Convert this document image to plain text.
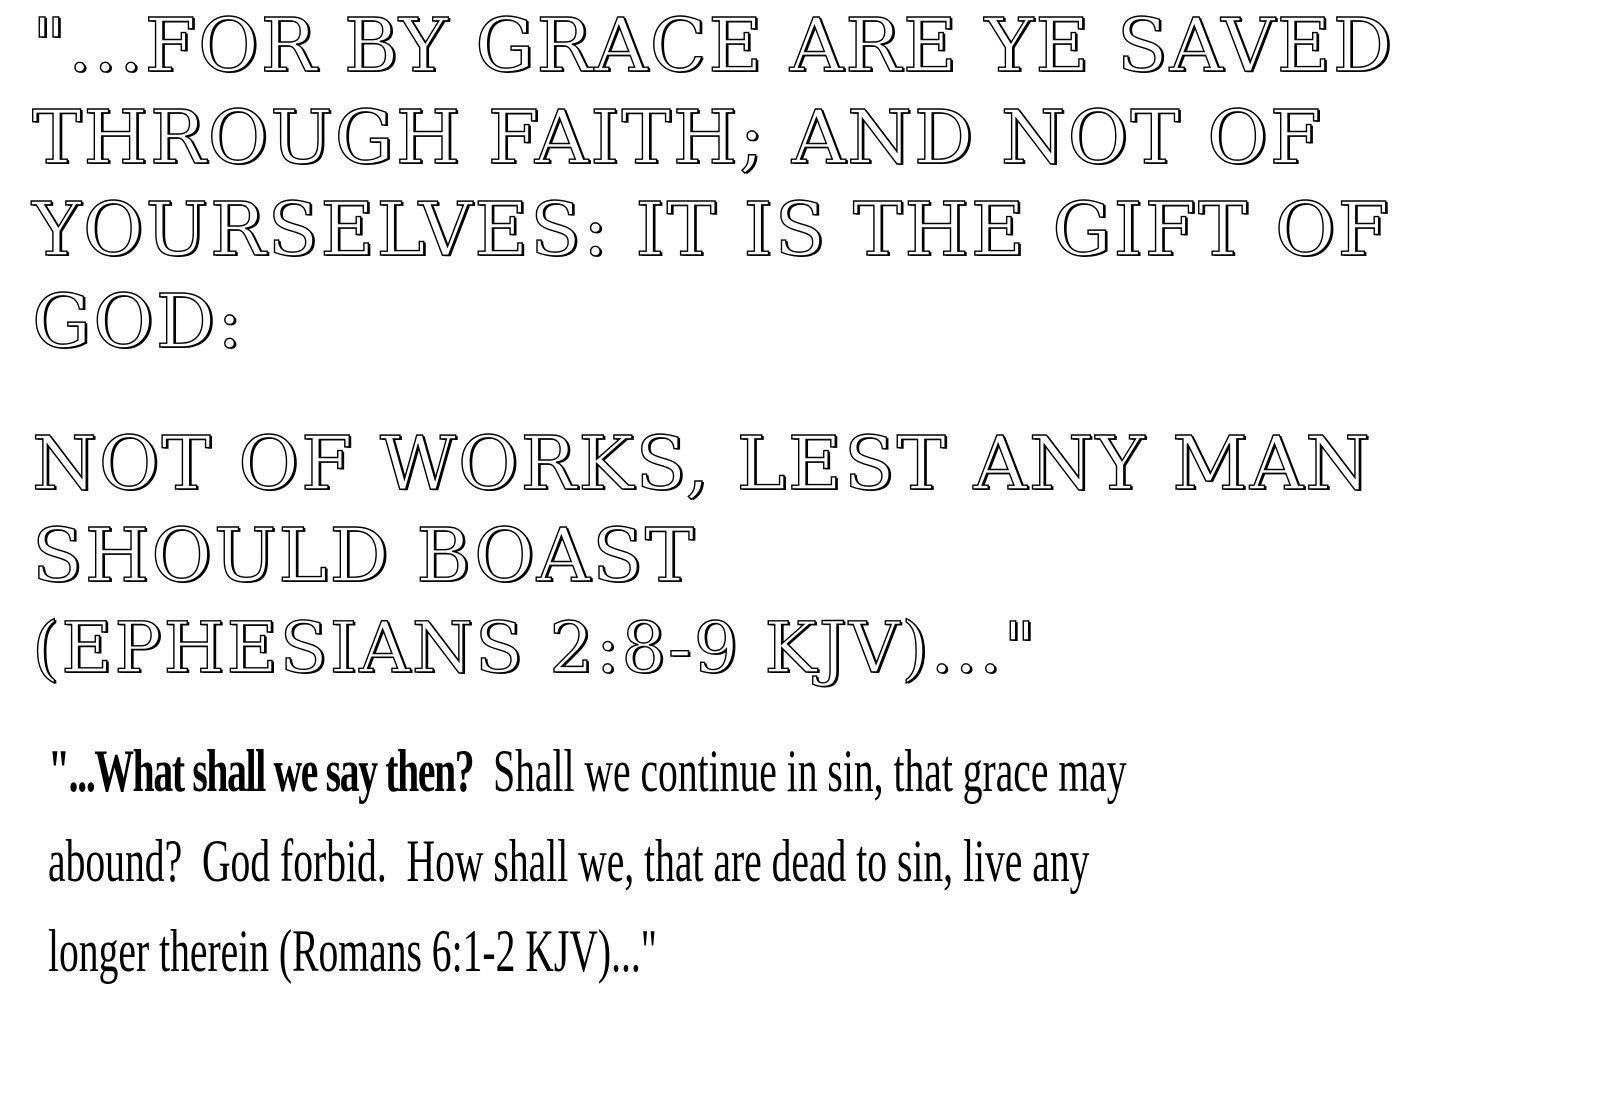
"...FOR BY GRACE ARE YE SAVED
THROUGH FAITH; AND NOT OF
YOURSELVES: IT IS THE GIFT OF
GOD:

NOT OF WORKS, LEST ANY MAN
SHOULD BOAST
(EPHESIANS 2:8-9 KJV)..."

"...What shall we say then?  Shall we continue in sin, that grace may
abound?  God forbid.  How shall we, that are dead to sin, live any
longer therein (Romans 6:1-2 KJV)..."
